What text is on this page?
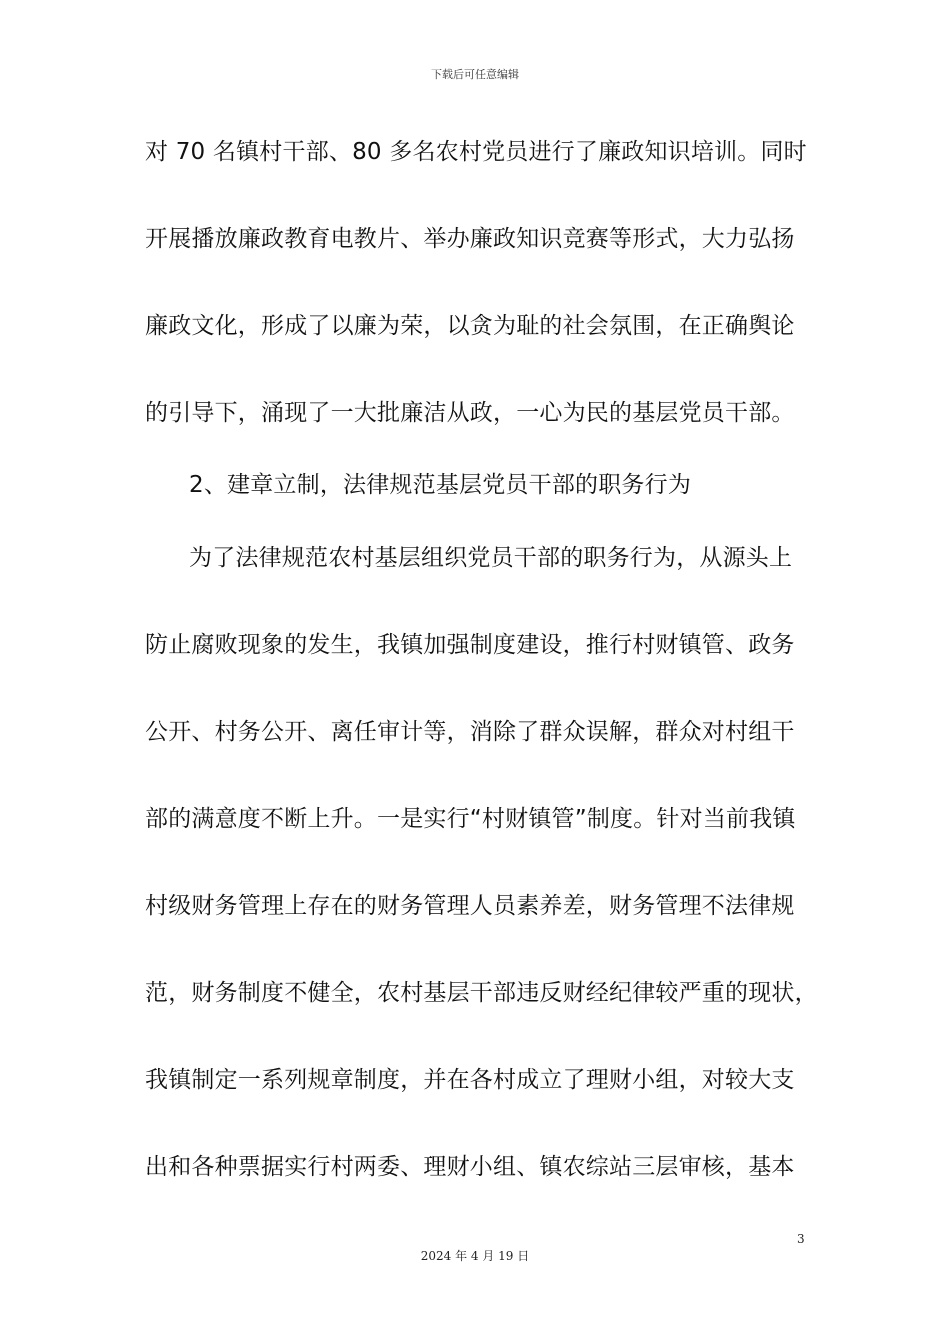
下载后可任意编辑
对 70 名镇村干部、80 多名农村党员进行了廉政知识培训。同时
开展播放廉政教育电教片、举办廉政知识竞赛等形式，大力弘扬
廉政文化，形成了以廉为荣，以贪为耻的社会氛围，在正确舆论
的引导下，涌现了一大批廉洁从政，一心为民的基层党员干部。
2、建章立制，法律规范基层党员干部的职务行为
为了法律规范农村基层组织党员干部的职务行为，从源头上
防止腐败现象的发生，我镇加强制度建设，推行村财镇管、政务
公开、村务公开、离任审计等，消除了群众误解，群众对村组干
部的满意度不断上升。一是实行“村财镇管”制度。针对当前我镇
村级财务管理上存在的财务管理人员素养差，财务管理不法律规
范，财务制度不健全，农村基层干部违反财经纪律较严重的现状，
我镇制定一系列规章制度，并在各村成立了理财小组，对较大支
出和各种票据实行村两委、理财小组、镇农综站三层审核，基本
3
2024 年 4 月 19 日
